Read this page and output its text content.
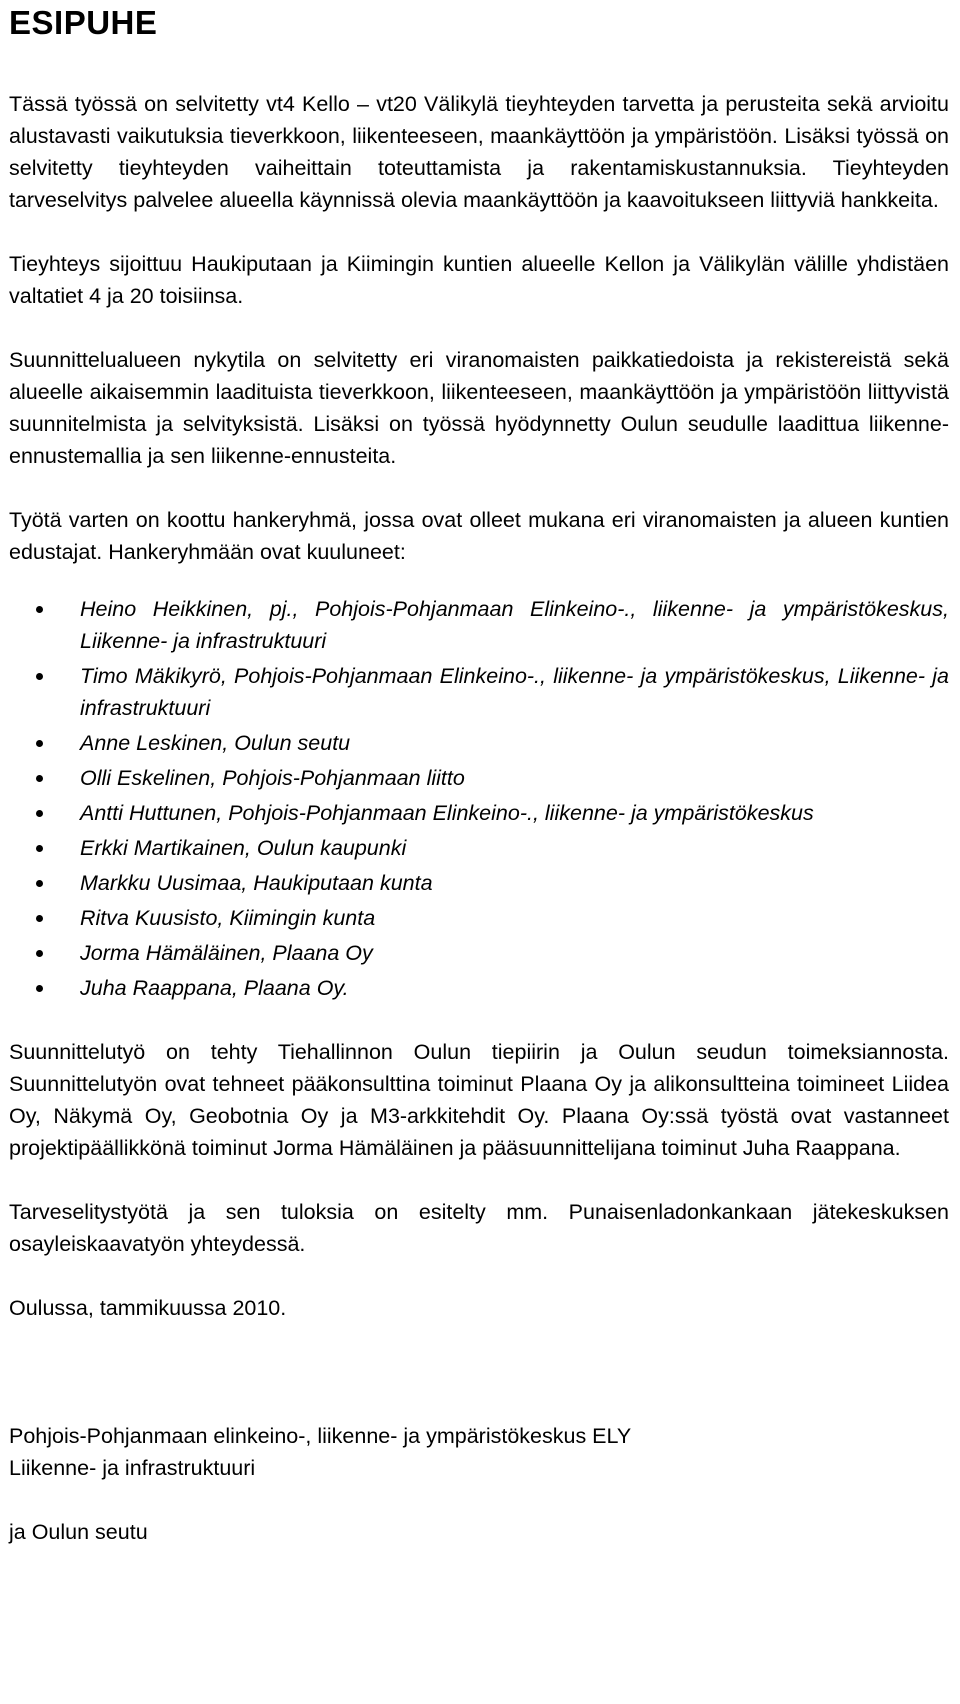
ESIPUHE

Tässä työssä on selvitetty vt4 Kello – vt20 Välikylä tieyhteyden tarvetta ja perusteita sekä arvioitu alustavasti vaikutuksia tieverkkoon, liikenteeseen, maankäyttöön ja ympäristöön. Lisäksi työssä on selvitetty tieyhteyden vaiheittain toteuttamista ja rakentamiskustannuksia. Tieyhteyden tarveselvitys palvelee alueella käynnissä olevia maankäyttöön ja kaavoitukseen liittyviä hankkeita.

Tieyhteys sijoittuu Haukiputaan ja Kiimingin kuntien alueelle Kellon ja Välikylän välille yhdistäen valtatiet 4 ja 20 toisiinsa.

Suunnittelualueen nykytila on selvitetty eri viranomaisten paikkatiedoista ja rekistereistä sekä alueelle aikaisemmin laadituista tieverkkoon, liikenteeseen, maankäyttöön ja ympäristöön liittyvistä suunnitelmista ja selvityksistä. Lisäksi on työssä hyödynnetty Oulun seudulle laadittua liikenne-ennustemallia ja sen liikenne-ennusteita.

Työtä varten on koottu hankeryhmä, jossa ovat olleet mukana eri viranomaisten ja alueen kuntien edustajat. Hankeryhmään ovat kuuluneet:

Heino Heikkinen, pj., Pohjois-Pohjanmaan Elinkeino-., liikenne- ja ympäristökeskus, Liikenne- ja infrastruktuuri
Timo Mäkikyrö, Pohjois-Pohjanmaan Elinkeino-., liikenne- ja ympäristökeskus, Liikenne- ja infrastruktuuri
Anne Leskinen, Oulun seutu
Olli Eskelinen, Pohjois-Pohjanmaan liitto
Antti Huttunen, Pohjois-Pohjanmaan Elinkeino-., liikenne- ja ympäristökeskus
Erkki Martikainen, Oulun kaupunki
Markku Uusimaa, Haukiputaan kunta
Ritva Kuusisto, Kiimingin kunta
Jorma Hämäläinen, Plaana Oy
Juha Raappana, Plaana Oy.

Suunnittelutyö on tehty Tiehallinnon Oulun tiepiirin ja Oulun seudun toimeksiannosta. Suunnittelutyön ovat tehneet pääkonsulttina toiminut Plaana Oy ja alikonsultteina toimineet Liidea Oy, Näkymä Oy, Geobotnia Oy ja M3-arkkitehdit Oy. Plaana Oy:ssä työstä ovat vastanneet projektipäällikkönä toiminut Jorma Hämäläinen ja pääsuunnittelijana toiminut Juha Raappana.

Tarveselitystyötä ja sen tuloksia on esitelty mm. Punaisenladonkankaan jätekeskuksen osayleiskaavatyön yhteydessä.

Oulussa, tammikuussa 2010.

Pohjois-Pohjanmaan elinkeino-, liikenne- ja ympäristökeskus ELY

Liikenne- ja infrastruktuuri

ja Oulun seutu
